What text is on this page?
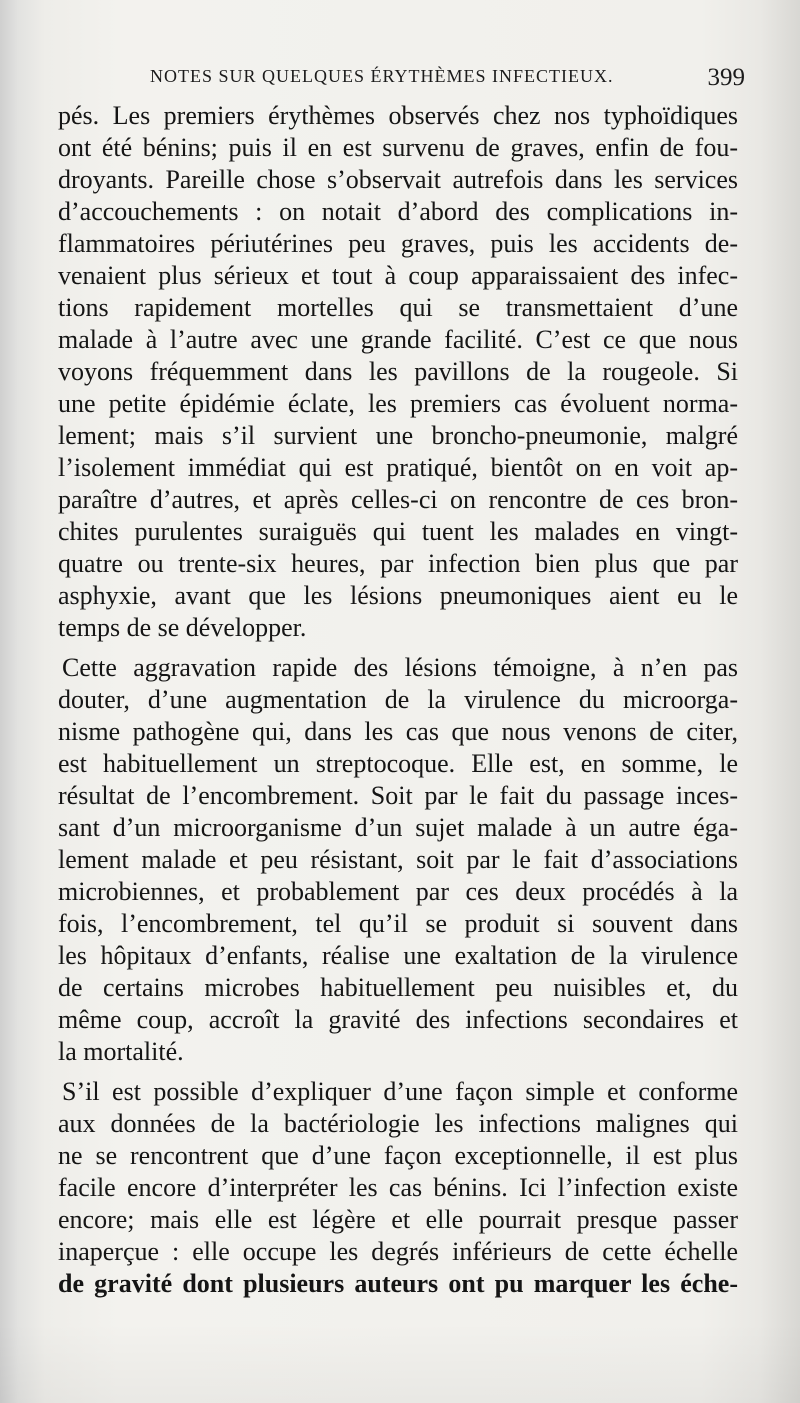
NOTES SUR QUELQUES ÉRYTHÈMES INFECTIEUX.	399
pés. Les premiers érythèmes observés chez nos typhoïdiques
ont été bénins; puis il en est survenu de graves, enfin de fou-
droyants. Pareille chose s’observait autrefois dans les services
d’accouchements : on notait d’abord des complications in-
flammatoires périutérines peu graves, puis les accidents de-
venaient plus sérieux et tout à coup apparaissaient des infec-
tions rapidement mortelles qui se transmettaient d’une
malade à l’autre avec une grande facilité. C’est ce que nous
voyons fréquemment dans les pavillons de la rougeole. Si
une petite épidémie éclate, les premiers cas évoluent norma-
lement; mais s’il survient une broncho-pneumonie, malgré
l’isolement immédiat qui est pratiqué, bientôt on en voit ap-
paraître d’autres, et après celles-ci on rencontre de ces bron-
chites purulentes suraiguës qui tuent les malades en vingt-
quatre ou trente-six heures, par infection bien plus que par
asphyxie, avant que les lésions pneumoniques aient eu le
temps de se développer.
Cette aggravation rapide des lésions témoigne, à n’en pas
douter, d’une augmentation de la virulence du microorga-
nisme pathogène qui, dans les cas que nous venons de citer,
est habituellement un streptocoque. Elle est, en somme, le
résultat de l’encombrement. Soit par le fait du passage inces-
sant d’un microorganisme d’un sujet malade à un autre éga-
lement malade et peu résistant, soit par le fait d’associations
microbiennes, et probablement par ces deux procédés à la
fois, l’encombrement, tel qu’il se produit si souvent dans
les hôpitaux d’enfants, réalise une exaltation de la virulence
de certains microbes habituellement peu nuisibles et, du
même coup, accroît la gravité des infections secondaires et
la mortalité.
S’il est possible d’expliquer d’une façon simple et conforme
aux données de la bactériologie les infections malignes qui
ne se rencontrent que d’une façon exceptionnelle, il est plus
facile encore d’interpréter les cas bénins. Ici l’infection existe
encore; mais elle est légère et elle pourrait presque passer
inaperçue : elle occupe les degrés inférieurs de cette échelle
de gravité dont plusieurs auteurs ont pu marquer les éche-
